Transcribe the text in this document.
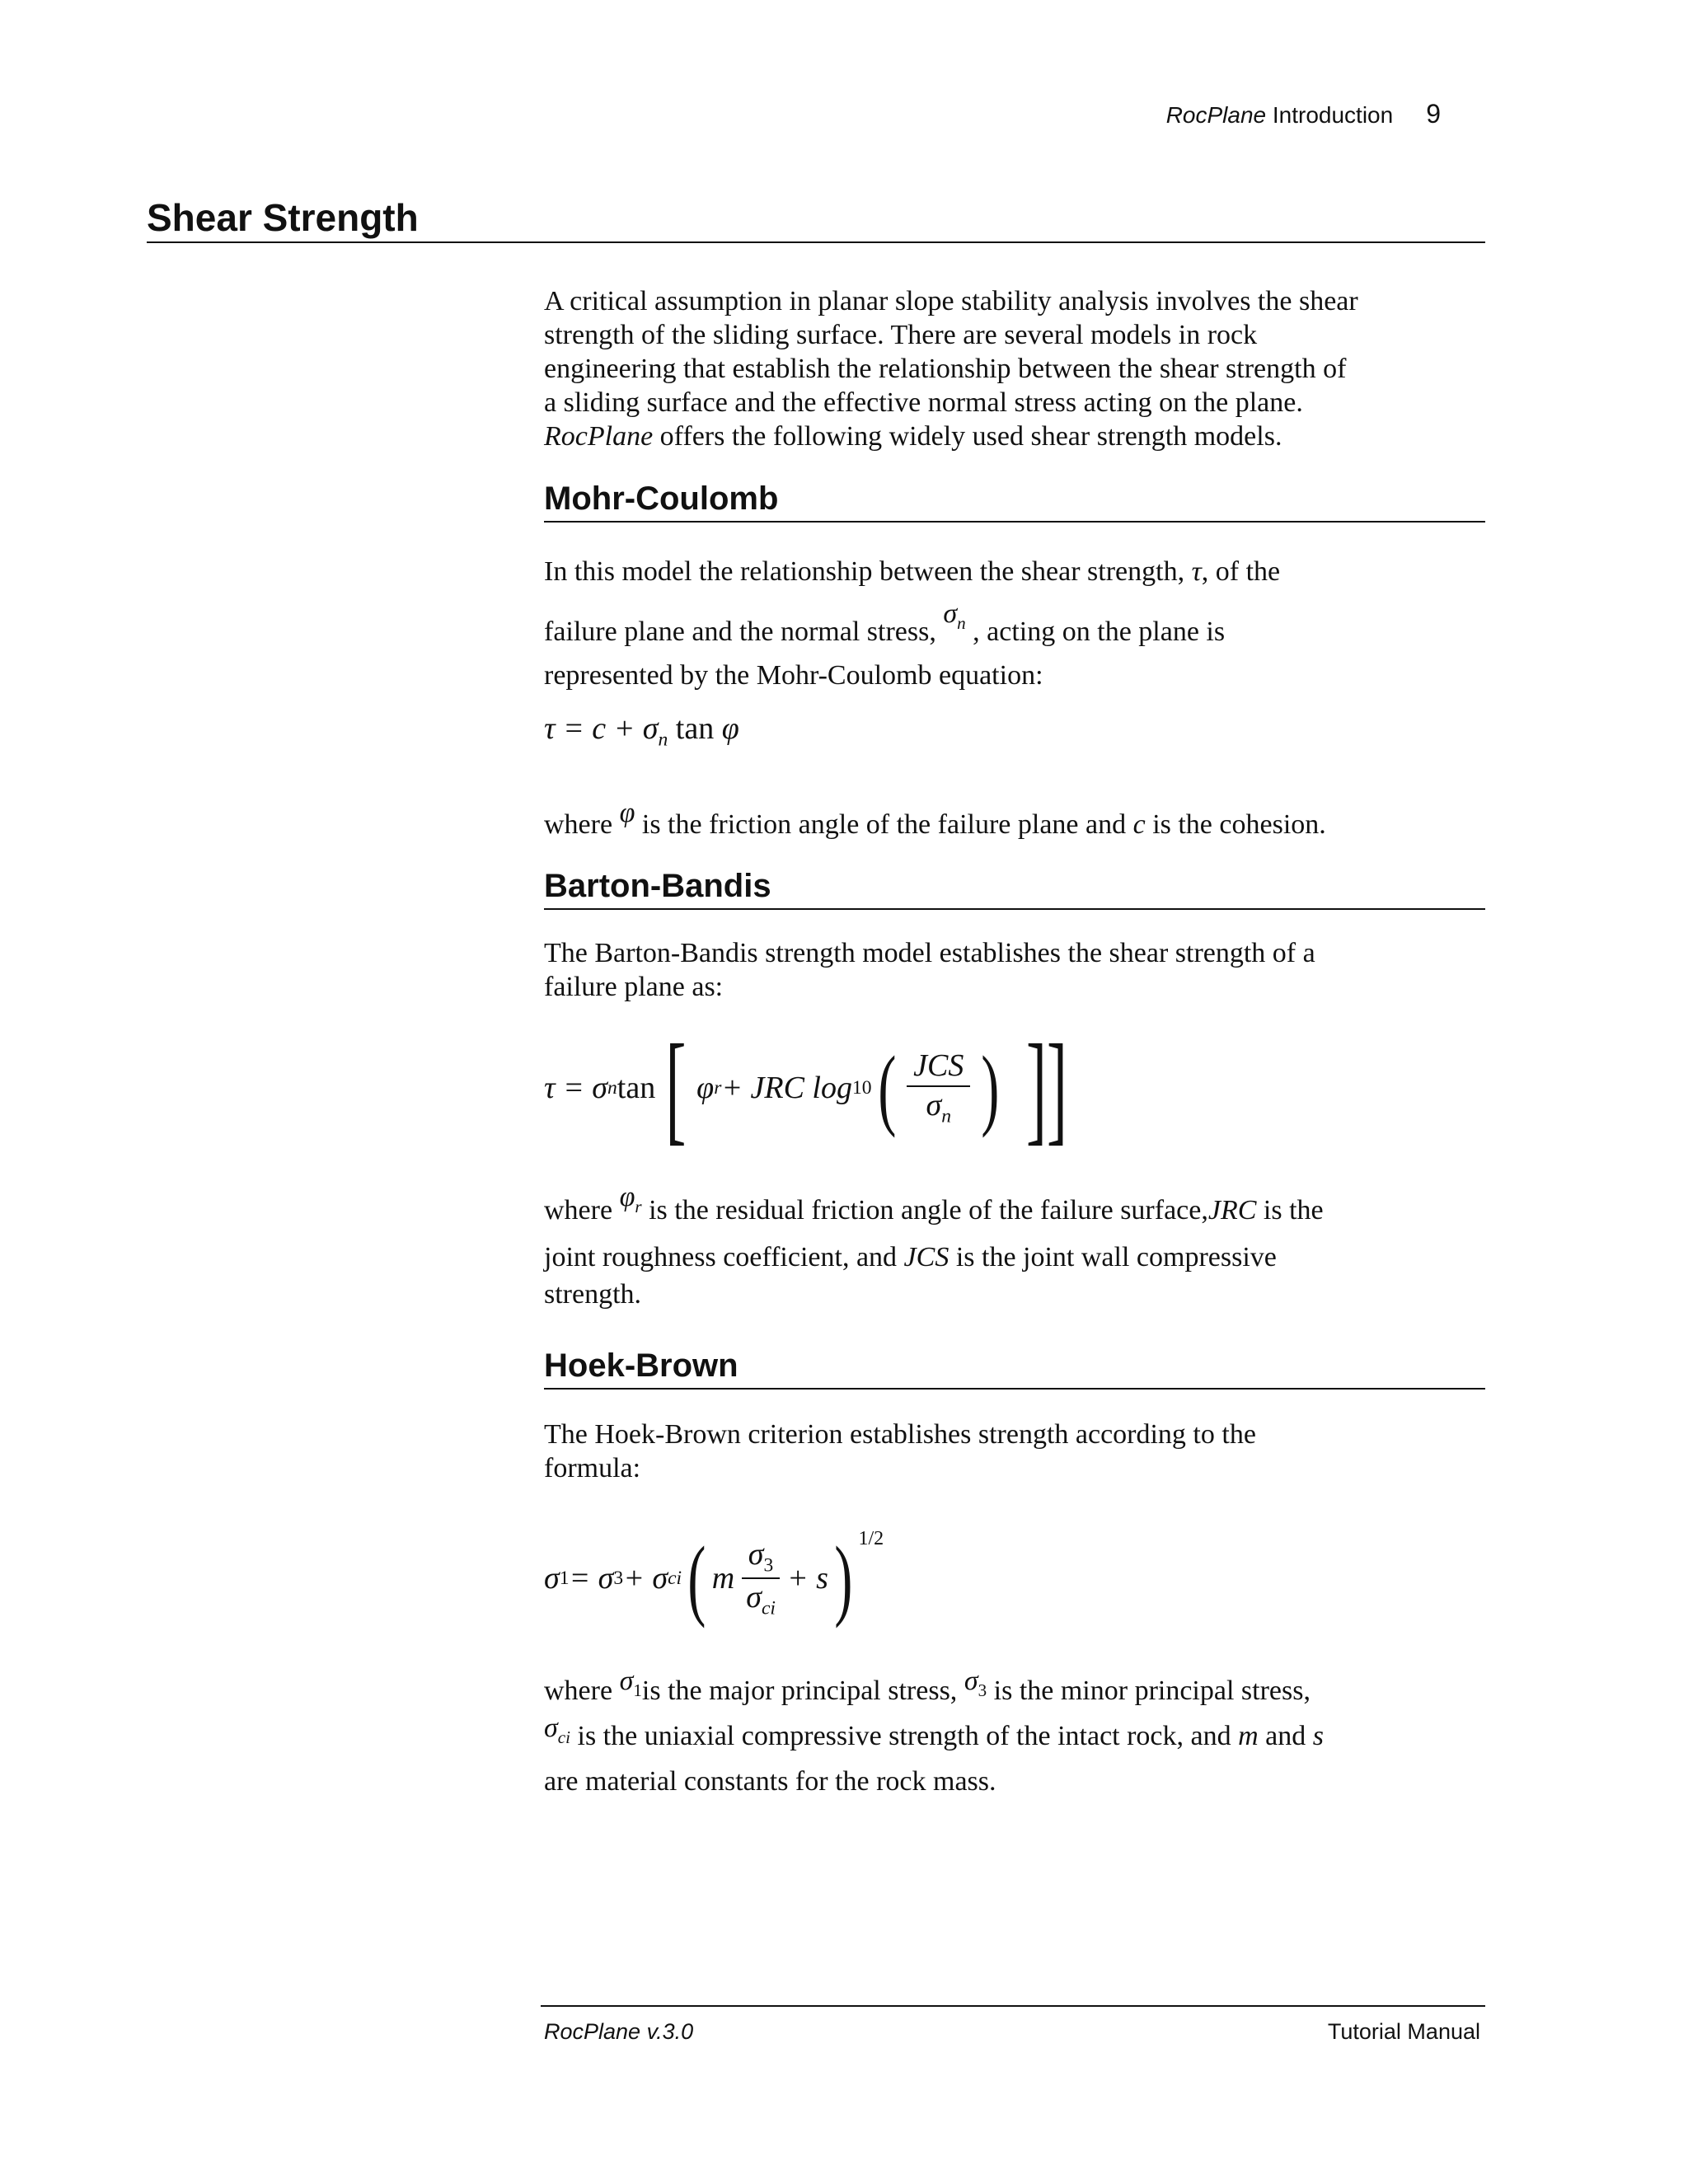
RocPlane Introduction 9
Shear Strength
A critical assumption in planar slope stability analysis involves the shear
strength of the sliding surface. There are several models in rock
engineering that establish the relationship between the shear strength of
a sliding surface and the effective normal stress acting on the plane.
RocPlane offers the following widely used shear strength models.
Mohr-Coulomb
In this model the relationship between the shear strength, τ, of the
failure plane and the normal stress, $\sigma_n$ , acting on the plane is
represented by the Mohr-Coulomb equation:
$\tau = c + \sigma_n$ tan φ
where φ is the friction angle of the failure plane and c is the cohesion.
Barton-Bandis
The Barton-Bandis strength model establishes the shear strength of a
failure plane as:
τ = σ n tan [ φ r + JRC log 10 ( $\frac{\text{JCS}}{\sigma_n}$ ) ]]
where $\varphi_r$ is the residual friction angle of the failure surface,JRC is the
joint roughness coefficient, and JCS is the joint wall compressive
strength.
Hoek-Brown
The Hoek-Brown criterion establishes strength according to the
formula:
σ 1 = σ 3 + σ ci ( m $\frac{\sigma_3}{\sigma_{ci}} + s$ ) $^{1/2}$
where $\sigma_1is$ the major principal stress, $\sigma_3$ is the minor principal stress,
$\sigma_{ci}$ is the uniaxial compressive strength of the intact rock, and m and s
are material constants for the rock mass.
RocPlane v.3.0	Tutorial Manual
